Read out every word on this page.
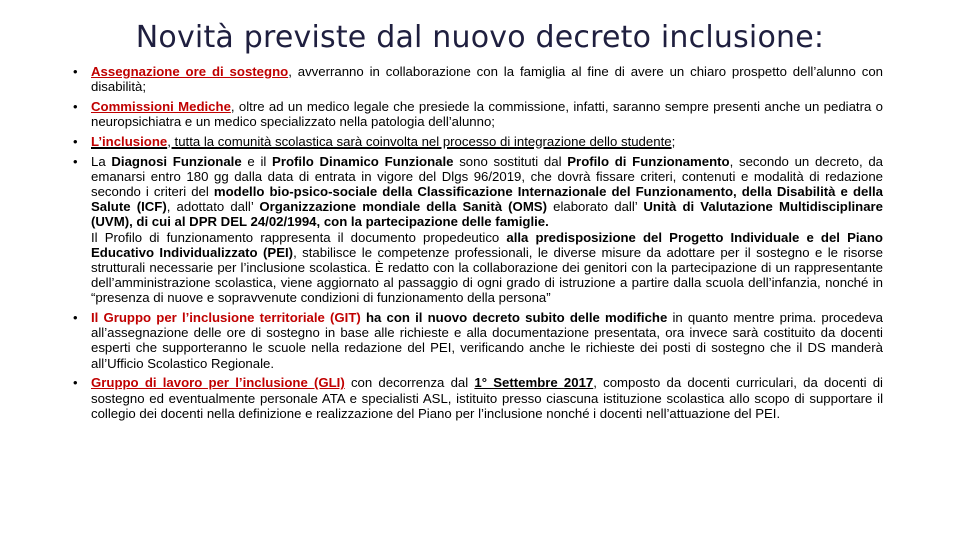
Novità previste dal nuovo decreto inclusione:
• Assegnazione ore di sostegno, avverranno in collaborazione con la famiglia al fine di avere un chiaro prospetto dell’alunno con disabilità;
• Commissioni Mediche, oltre ad un medico legale che presiede la commissione, infatti, saranno sempre presenti anche un pediatra o neuropsichiatra e un medico specializzato nella patologia dell’alunno;
• L’inclusione, tutta la comunità scolastica sarà coinvolta nel processo di integrazione dello studente;
• La Diagnosi Funzionale e il Profilo Dinamico Funzionale sono sostituti dal Profilo di Funzionamento, secondo un decreto, da emanarsi entro 180 gg dalla data di entrata in vigore del Dlgs 96/2019, che dovrà fissare criteri, contenuti e modalità di redazione secondo i criteri del modello bio-psico-sociale della Classificazione Internazionale del Funzionamento, della Disabilità e della Salute (ICF), adottato dall’ Organizzazione mondiale della Sanità (OMS) elaborato dall’ Unità di Valutazione Multidisciplinare (UVM), di cui al DPR DEL 24/02/1994, con la partecipazione delle famiglie.
Il Profilo di funzionamento rappresenta il documento propedeutico alla predisposizione del Progetto Individuale e del Piano Educativo Individualizzato (PEI), stabilisce le competenze professionali, le diverse misure da adottare per il sostegno e le risorse strutturali necessarie per l’inclusione scolastica. È redatto con la collaborazione dei genitori con la partecipazione di un rappresentante dell’amministrazione scolastica, viene aggiornato al passaggio di ogni grado di istruzione a partire dalla scuola dell’infanzia, nonché in “presenza di nuove e sopravvenute condizioni di funzionamento della persona”
• Il Gruppo per l’inclusione territoriale (GIT) ha con il nuovo decreto subito delle modifiche in quanto mentre prima. procedeva all’assegnazione delle ore di sostegno in base alle richieste e alla documentazione presentata, ora invece sarà costituito da docenti esperti che supporteranno le scuole nella redazione del PEI, verificando anche le richieste dei posti di sostegno che il DS manderà all’Ufficio Scolastico Regionale.
• Gruppo di lavoro per l’inclusione (GLI) con decorrenza dal 1° Settembre 2017, composto da docenti curriculari, da docenti di sostegno ed eventualmente personale ATA e specialisti ASL, istituito presso ciascuna istituzione scolastica allo scopo di supportare il collegio dei docenti nella definizione e realizzazione del Piano per l’inclusione nonché i docenti nell’attuazione del PEI.
